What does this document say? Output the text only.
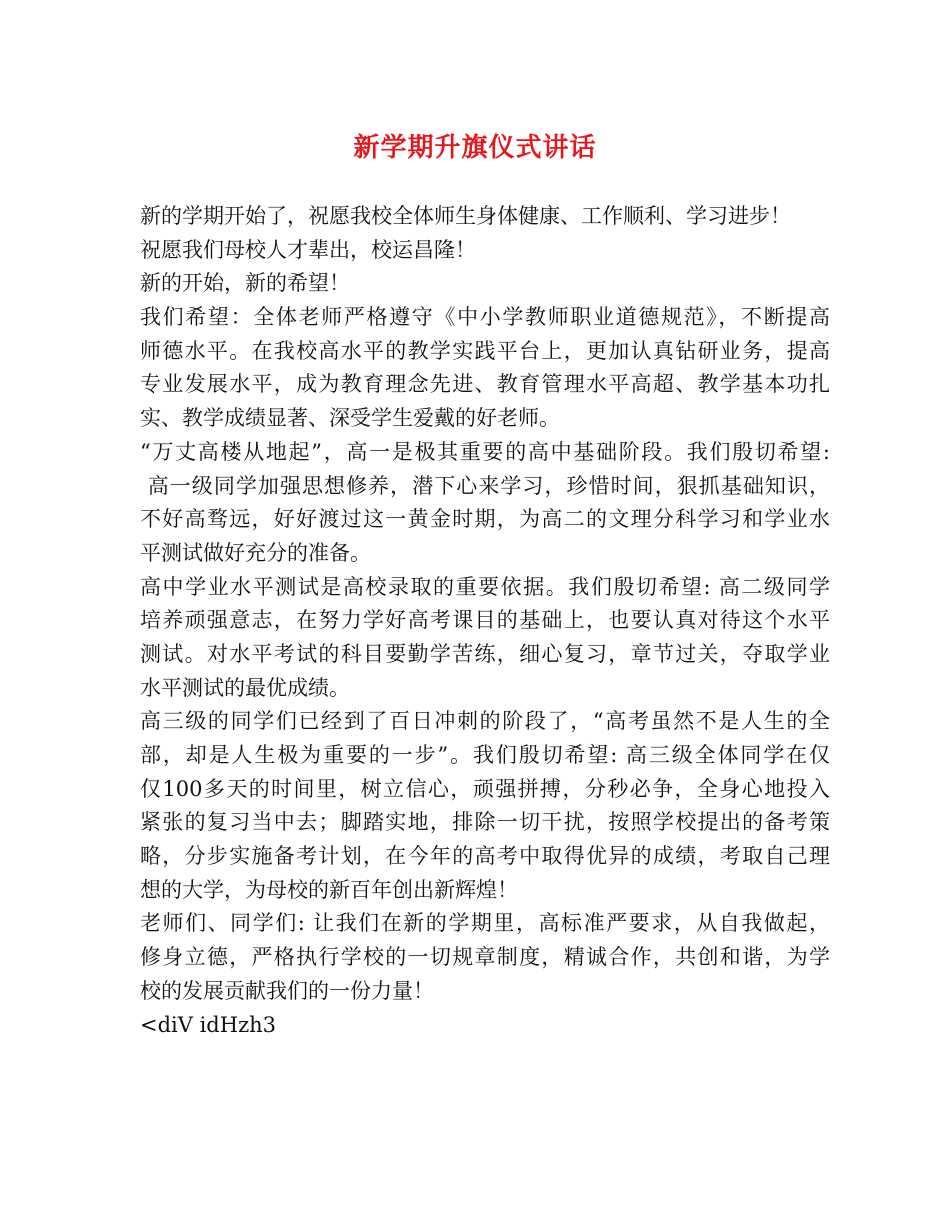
新学期升旗仪式讲话
新的学期开始了，祝愿我校全体师生身体健康、工作顺利、学习进步！
祝愿我们母校人才辈出，校运昌隆！
新的开始，新的希望！
我们希望：全体老师严格遵守《中小学教师职业道德规范》，不断提高
师德水平。在我校高水平的教学实践平台上，更加认真钻研业务，提高
专业发展水平，成为教育理念先进、教育管理水平高超、教学基本功扎
实、教学成绩显著、深受学生爱戴的好老师。
“万丈高楼从地起”，高一是极其重要的高中基础阶段。我们殷切希望:
高一级同学加强思想修养，潜下心来学习，珍惜时间，狠抓基础知识，
不好高骛远，好好渡过这一黄金时期，为高二的文理分科学习和学业水
平测试做好充分的准备。
高中学业水平测试是高校录取的重要依据。我们殷切希望: 高二级同学
培养顽强意志，在努力学好高考课目的基础上，也要认真对待这个水平
测试。对水平考试的科目要勤学苦练，细心复习，章节过关，夺取学业
水平测试的最优成绩。
高三级的同学们已经到了百日冲刺的阶段了，“高考虽然不是人生的全
部，却是人生极为重要的一步”。我们殷切希望: 高三级全体同学在仅
仅100多天的时间里，树立信心，顽强拼搏，分秒必争，全身心地投入
紧张的复习当中去；脚踏实地，排除一切干扰，按照学校提出的备考策
略，分步实施备考计划，在今年的高考中取得优异的成绩，考取自己理
想的大学，为母校的新百年创出新辉煌！
老师们、同学们: 让我们在新的学期里，高标准严要求，从自我做起，
修身立德，严格执行学校的一切规章制度，精诚合作，共创和谐，为学
校的发展贡献我们的一份力量！
<diV idHzh3
